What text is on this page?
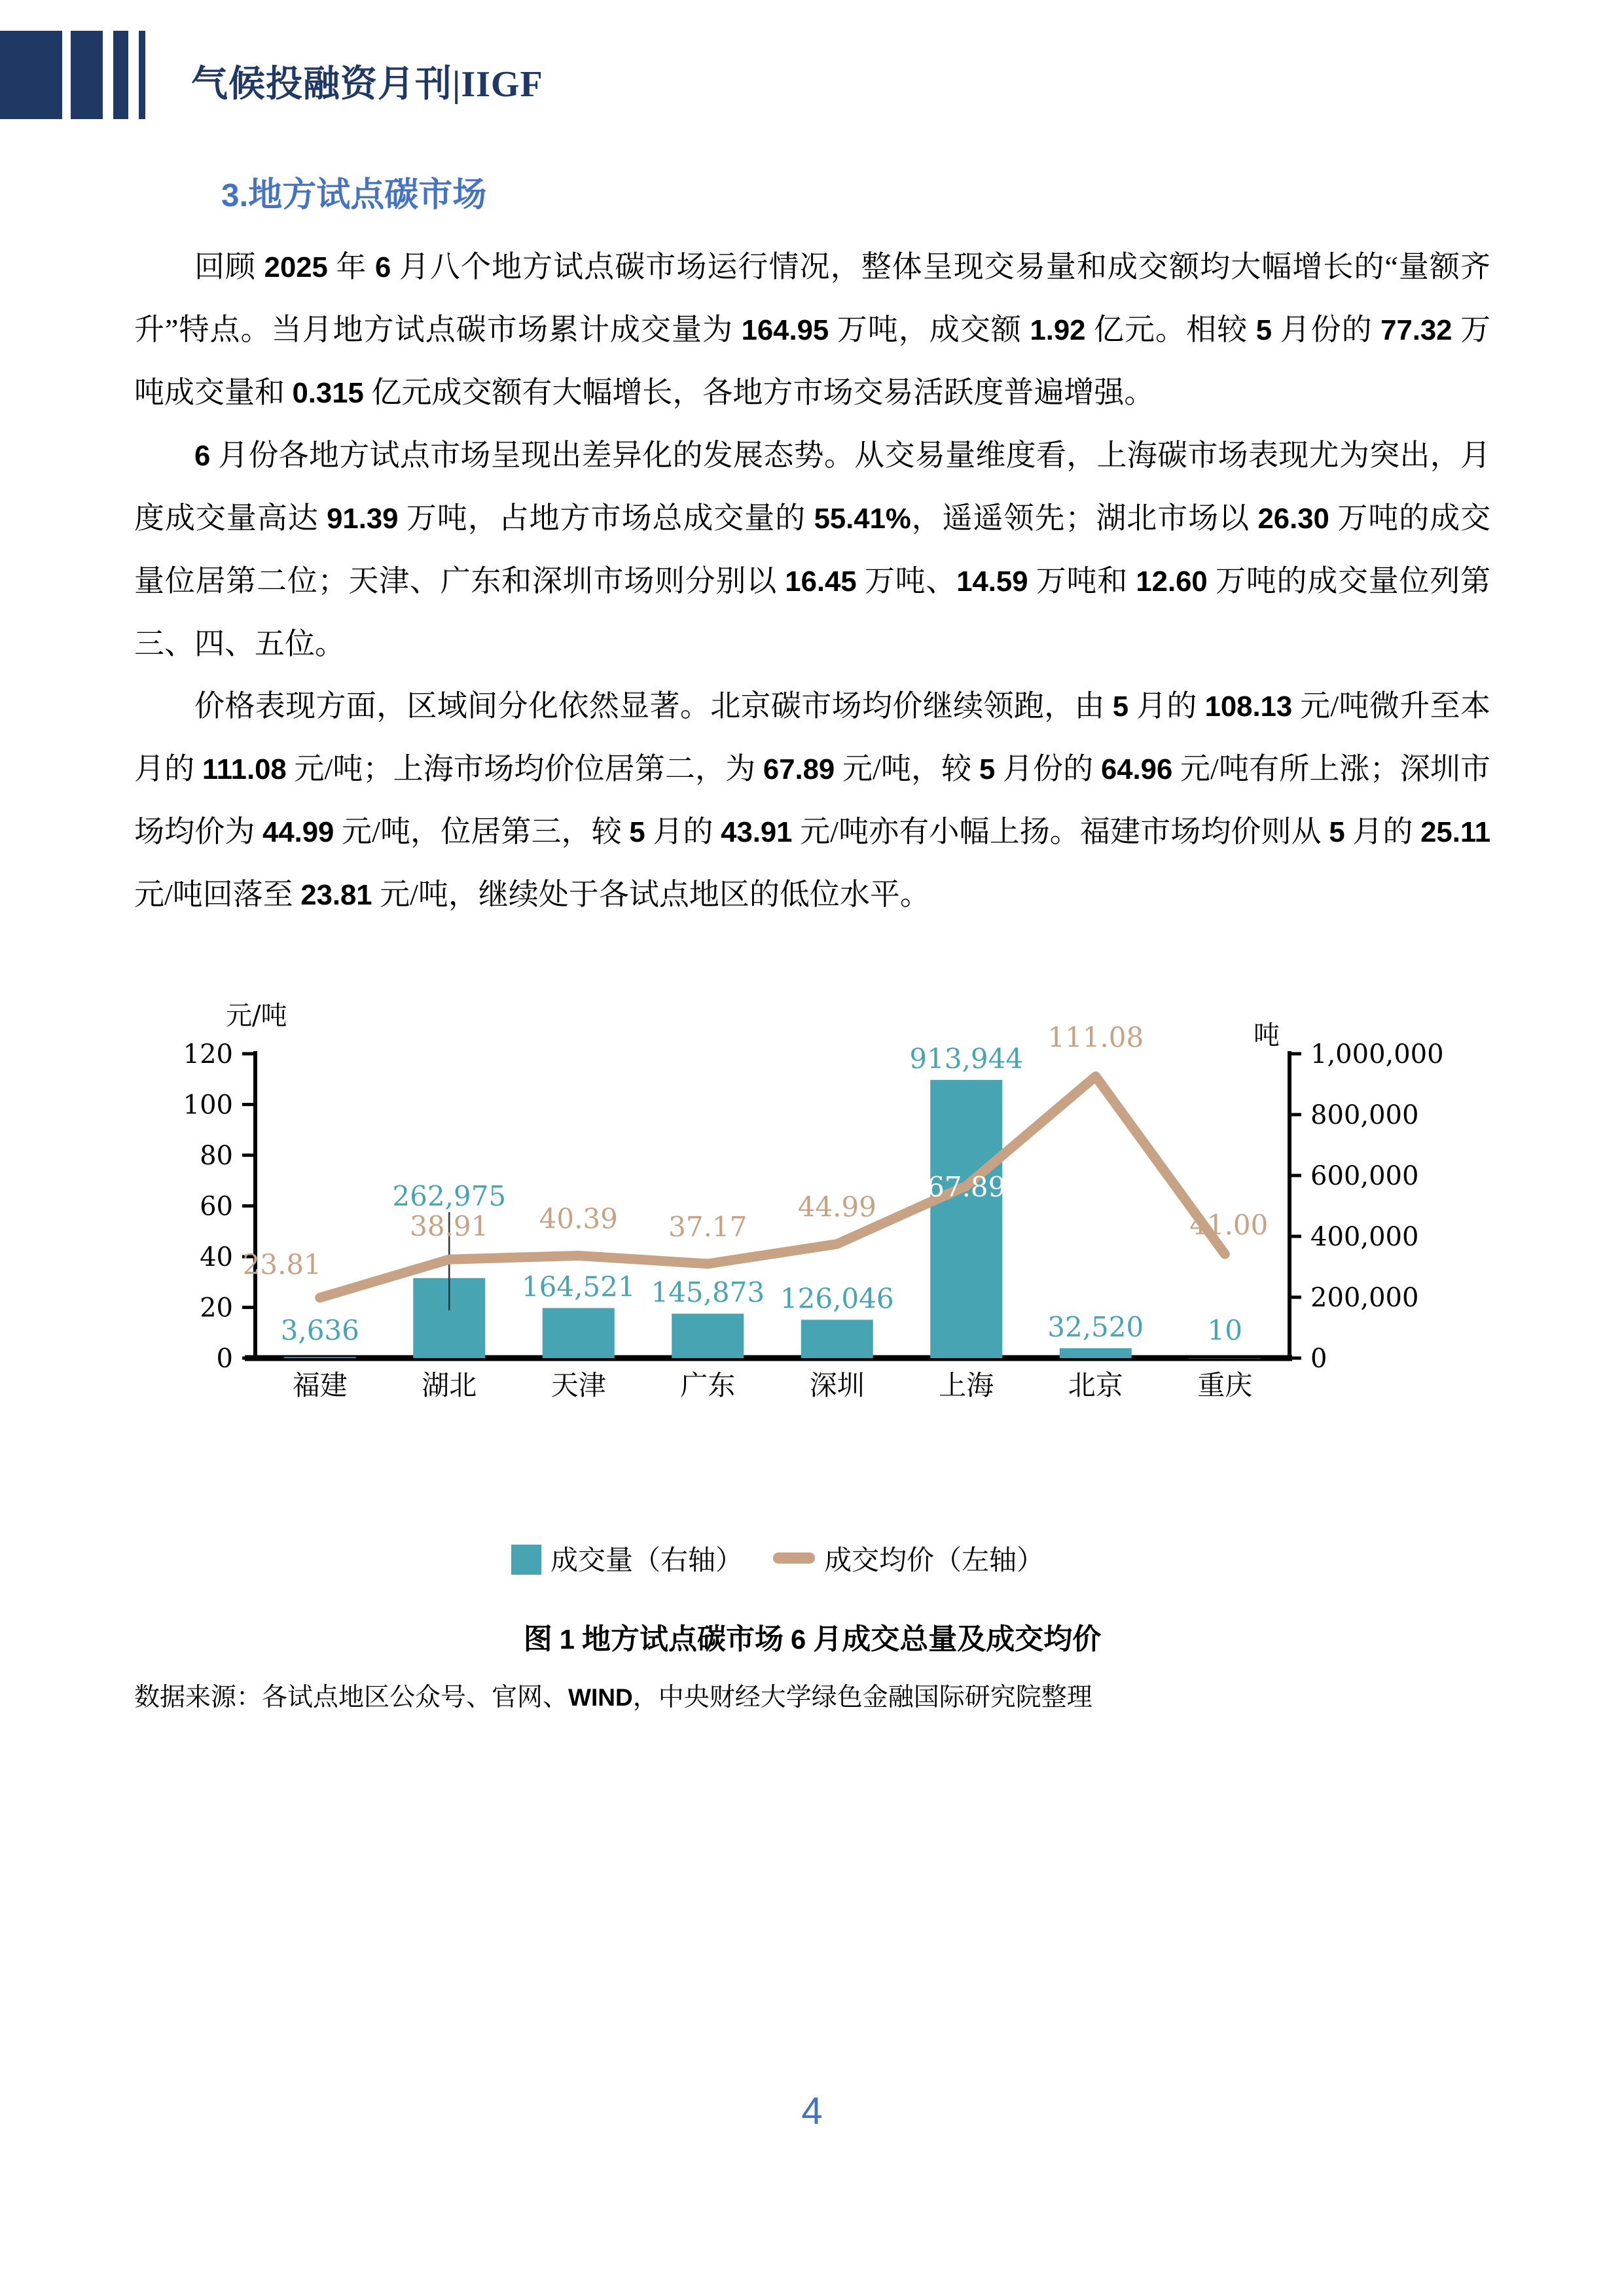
气候投融资月刊|IIGF
3.地方试点碳市场

回顾 2025 年 6 月八个地方试点碳市场运行情况，整体呈现交易量和成交额均大幅增长的“量额齐升”特点。当月地方试点碳市场累计成交量为 164.95 万吨，成交额 1.92 亿元。相较 5 月份的 77.32 万吨成交量和 0.315 亿元成交额有大幅增长，各地方市场交易活跃度普遍增强。

6 月份各地方试点市场呈现出差异化的发展态势。从交易量维度看，上海碳市场表现尤为突出，月度成交量高达 91.39 万吨，占地方市场总成交量的 55.41%，遥遥领先；湖北市场以 26.30 万吨的成交量位居第二位；天津、广东和深圳市场则分别以 16.45 万吨、14.59 万吨和 12.60 万吨的成交量位列第三、四、五位。

价格表现方面，区域间分化依然显著。北京碳市场均价继续领跑，由 5 月的 108.13 元/吨微升至本月的 111.08 元/吨；上海市场均价位居第二，为 67.89 元/吨，较 5 月份的 64.96 元/吨有所上涨；深圳市场均价为 44.99 元/吨，位居第三，较 5 月的 43.91 元/吨亦有小幅上扬。福建市场均价则从 5 月的 25.11 元/吨回落至 23.81 元/吨，继续处于各试点地区的低位水平。

元/吨
吨
0
20
40
60
80
100
120
0
200,000
400,000
600,000
800,000
1,000,000
3,636
262,975
164,521 145,873 126,046
913,944
32,520 10
23.81
38.91 40.39 37.17
44.99
67.89
111.08
41.00
福建	湖北	天津	广东	深圳	上海	北京	重庆
成交量（右轴）	成交均价（左轴）
图 1 地方试点碳市场 6 月成交总量及成交均价
数据来源：各试点地区公众号、官网、WIND，中央财经大学绿色金融国际研究院整理
4
